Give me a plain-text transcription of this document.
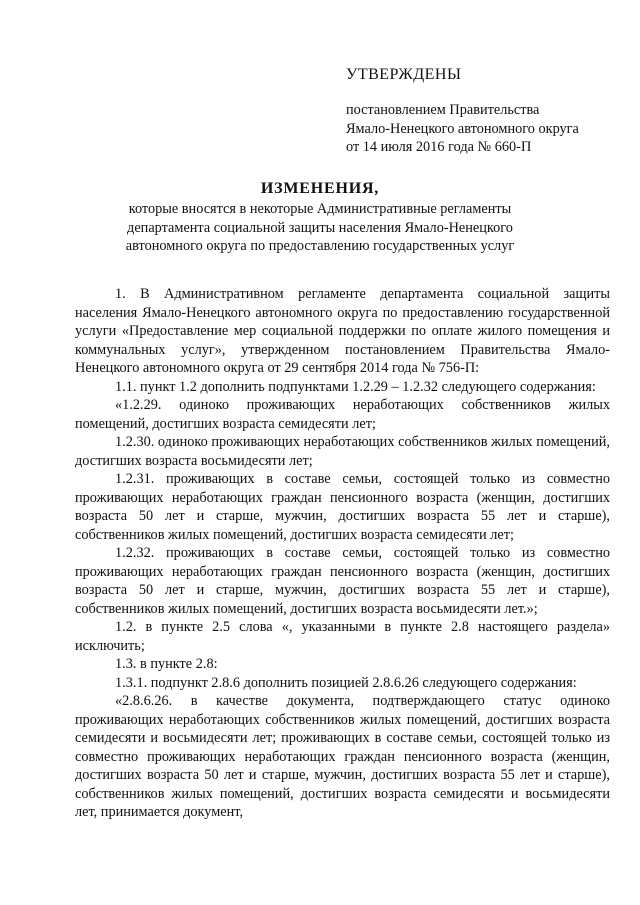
УТВЕРЖДЕНЫ
постановлением Правительства
Ямало-Ненецкого автономного округа
от 14 июля 2016 года № 660-П
ИЗМЕНЕНИЯ,
которые вносятся в некоторые Административные регламенты
департамента социальной защиты населения Ямало-Ненецкого
автономного округа по предоставлению государственных услуг

1. В Административном регламенте департамента социальной защиты населения Ямало-Ненецкого автономного округа по предоставлению государственной услуги «Предоставление мер социальной поддержки по оплате жилого помещения и коммунальных услуг», утвержденном постановлением Правительства Ямало-Ненецкого автономного округа от 29 сентября 2014 года № 756-П:

1.1. пункт 1.2 дополнить подпунктами 1.2.29 – 1.2.32 следующего содержания:

«1.2.29. одиноко проживающих неработающих собственников жилых помещений, достигших возраста семидесяти лет;

1.2.30. одиноко проживающих неработающих собственников жилых помещений, достигших возраста восьмидесяти лет;

1.2.31. проживающих в составе семьи, состоящей только из совместно проживающих неработающих граждан пенсионного возраста (женщин, достигших возраста 50 лет и старше, мужчин, достигших возраста 55 лет и старше), собственников жилых помещений, достигших возраста семидесяти лет;

1.2.32. проживающих в составе семьи, состоящей только из совместно проживающих неработающих граждан пенсионного возраста (женщин, достигших возраста 50 лет и старше, мужчин, достигших возраста 55 лет и старше), собственников жилых помещений, достигших возраста восьмидесяти лет.»;

1.2. в пункте 2.5 слова «, указанными в пункте 2.8 настоящего раздела» исключить;

1.3. в пункте 2.8:

1.3.1. подпункт 2.8.6 дополнить позицией 2.8.6.26 следующего содержания:

«2.8.6.26. в качестве документа, подтверждающего статус одиноко проживающих неработающих собственников жилых помещений, достигших возраста семидесяти и восьмидесяти лет; проживающих в составе семьи, состоящей только из совместно проживающих неработающих граждан пенсионного возраста (женщин, достигших возраста 50 лет и старше, мужчин, достигших возраста 55 лет и старше), собственников жилых помещений, достигших возраста семидесяти и восьмидесяти лет, принимается документ,
